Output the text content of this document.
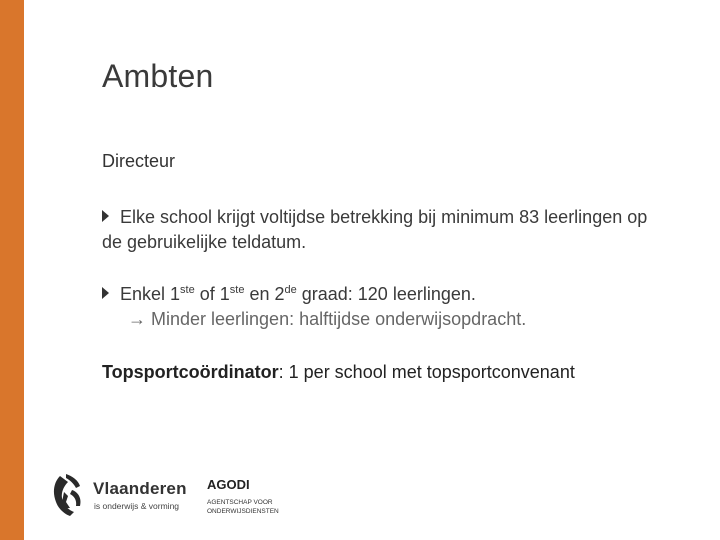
Ambten
Directeur
Elke school krijgt voltijdse betrekking bij minimum 83 leerlingen op de gebruikelijke teldatum.
Enkel 1ste of 1ste en 2de graad: 120 leerlingen.
→ Minder leerlingen: halftijdse onderwijsopdracht.
Topsportcoördinator: 1 per school met topsportconvenant
Vlaanderen
is onderwijs & vorming
AGODI
AGENTSCHAP VOOR
ONDERWIJSDIENSTEN
